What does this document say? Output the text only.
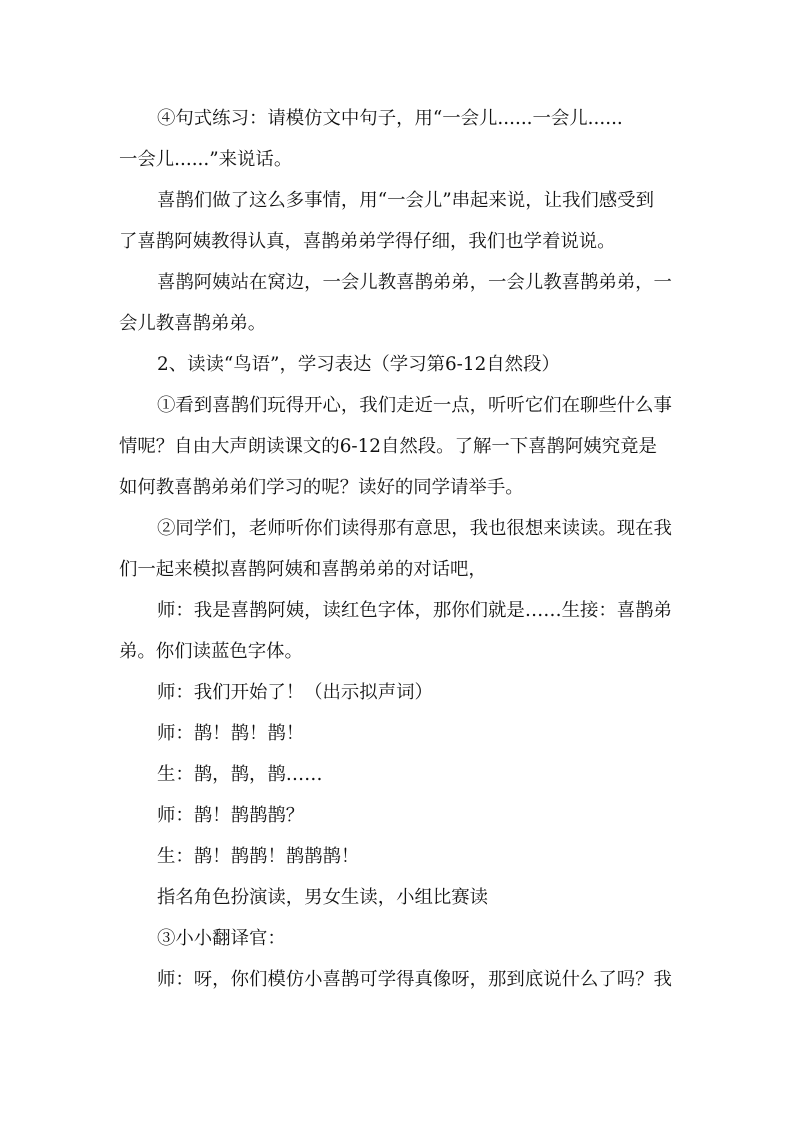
④句式练习：请模仿文中句子，用“一会儿......一会儿......
一会儿......”来说话。
喜鹊们做了这么多事情，用“一会儿”串起来说，让我们感受到
了喜鹊阿姨教得认真，喜鹊弟弟学得仔细，我们也学着说说。
喜鹊阿姨站在窝边，一会儿教喜鹊弟弟，一会儿教喜鹊弟弟，一
会儿教喜鹊弟弟。
2、读读“鸟语”，学习表达（学习第6-12自然段）
①看到喜鹊们玩得开心，我们走近一点，听听它们在聊些什么事
情呢？自由大声朗读课文的6-12自然段。了解一下喜鹊阿姨究竟是
如何教喜鹊弟弟们学习的呢？读好的同学请举手。
②同学们，老师听你们读得那有意思，我也很想来读读。现在我
们一起来模拟喜鹊阿姨和喜鹊弟弟的对话吧，
师：我是喜鹊阿姨，读红色字体，那你们就是……生接：喜鹊弟
弟。你们读蓝色字体。
师：我们开始了！（出示拟声词）
师：鹊！鹊！鹊！
生：鹊，鹊，鹊……
师：鹊！鹊鹊鹊？
生：鹊！鹊鹊！鹊鹊鹊！
指名角色扮演读，男女生读，小组比赛读
③小小翻译官：
师：呀，你们模仿小喜鹊可学得真像呀，那到底说什么了吗？我
